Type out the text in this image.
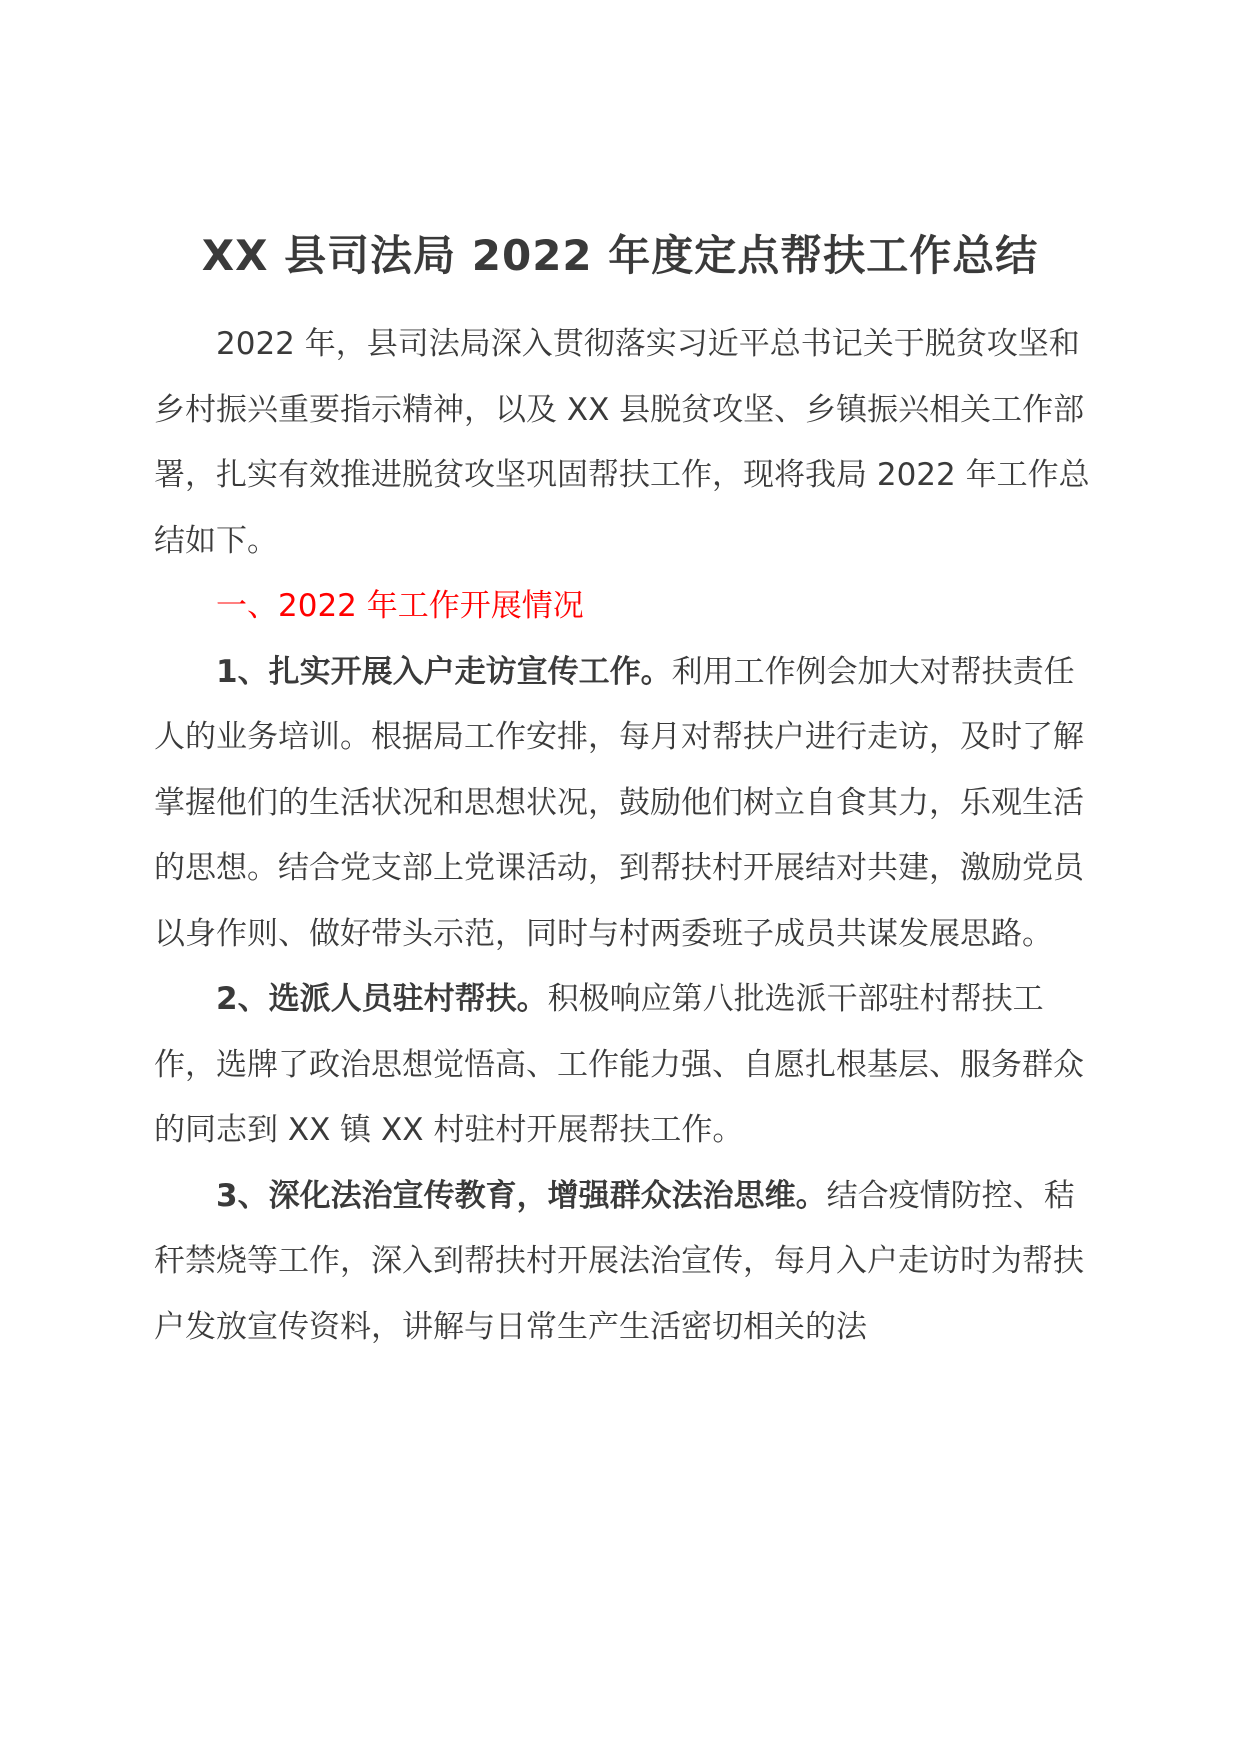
XX 县司法局 2022 年度定点帮扶工作总结

2022 年，县司法局深入贯彻落实习近平总书记关于脱贫攻坚和乡村振兴重要指示精神，以及 XX 县脱贫攻坚、乡镇振兴相关工作部署，扎实有效推进脱贫攻坚巩固帮扶工作，现将我局 2022 年工作总结如下。

一、2022 年工作开展情况

1、扎实开展入户走访宣传工作。利用工作例会加大对帮扶责任人的业务培训。根据局工作安排，每月对帮扶户进行走访，及时了解掌握他们的生活状况和思想状况，鼓励他们树立自食其力，乐观生活的思想。结合党支部上党课活动，到帮扶村开展结对共建，激励党员以身作则、做好带头示范，同时与村两委班子成员共谋发展思路。

2、选派人员驻村帮扶。积极响应第八批选派干部驻村帮扶工作，选牌了政治思想觉悟高、工作能力强、自愿扎根基层、服务群众的同志到 XX 镇 XX 村驻村开展帮扶工作。

3、深化法治宣传教育，增强群众法治思维。结合疫情防控、秸秆禁烧等工作，深入到帮扶村开展法治宣传，每月入户走访时为帮扶户发放宣传资料，讲解与日常生产生活密切相关的法
